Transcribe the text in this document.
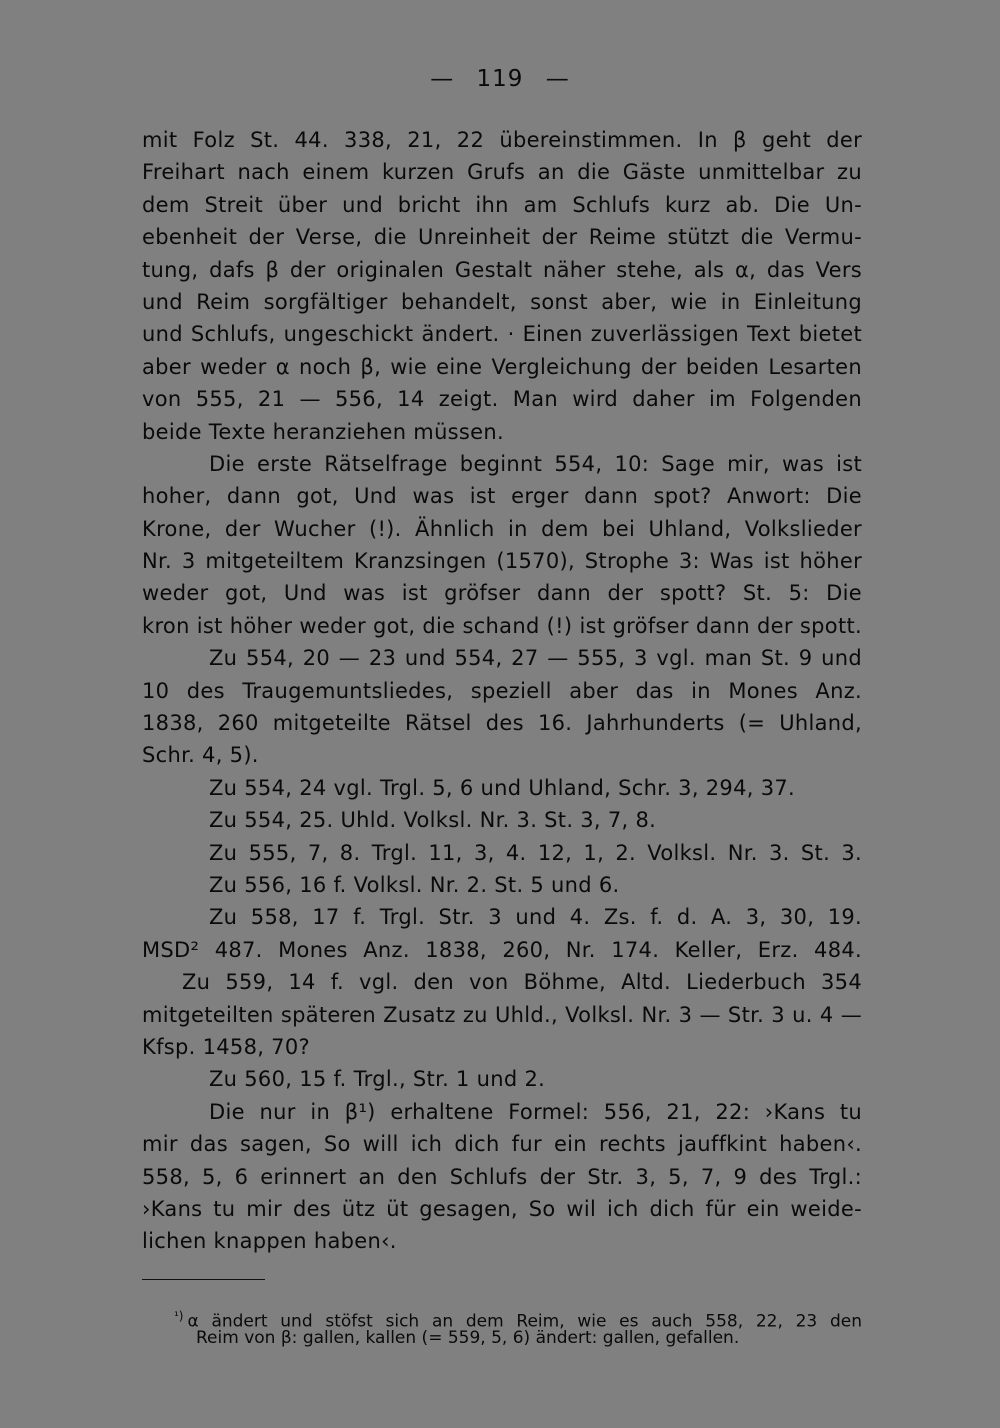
— 119 —
mit Folz St. 44. 338, 21, 22 übereinstimmen. In β geht der
Freihart nach einem kurzen Grufs an die Gäste unmittelbar zu
dem Streit über und bricht ihn am Schlufs kurz ab. Die Un-
ebenheit der Verse, die Unreinheit der Reime stützt die Vermu-
tung, dafs β der originalen Gestalt näher stehe, als α, das Vers
und Reim sorgfältiger behandelt, sonst aber, wie in Einleitung
und Schlufs, ungeschickt ändert. · Einen zuverlässigen Text bietet
aber weder α noch β, wie eine Vergleichung der beiden Lesarten
von 555, 21 — 556, 14 zeigt. Man wird daher im Folgenden
beide Texte heranziehen müssen.
Die erste Rätselfrage beginnt 554, 10: Sage mir, was ist
hoher, dann got, Und was ist erger dann spot? Anwort: Die
Krone, der Wucher (!). Ähnlich in dem bei Uhland, Volkslieder
Nr. 3 mitgeteiltem Kranzsingen (1570), Strophe 3: Was ist höher
weder got, Und was ist gröfser dann der spott? St. 5: Die
kron ist höher weder got, die schand (!) ist gröfser dann der spott.
Zu 554, 20 — 23 und 554, 27 — 555, 3 vgl. man St. 9 und
10 des Traugemuntsliedes, speziell aber das in Mones Anz.
1838, 260 mitgeteilte Rätsel des 16. Jahrhunderts (= Uhland,
Schr. 4, 5).
Zu 554, 24 vgl. Trgl. 5, 6 und Uhland, Schr. 3, 294, 37.
Zu 554, 25. Uhld. Volksl. Nr. 3. St. 3, 7, 8.
Zu 555, 7, 8. Trgl. 11, 3, 4. 12, 1, 2. Volksl. Nr. 3. St. 3.
Zu 556, 16 f. Volksl. Nr. 2. St. 5 und 6.
Zu 558, 17 f. Trgl. Str. 3 und 4. Zs. f. d. A. 3, 30, 19.
MSD² 487. Mones Anz. 1838, 260, Nr. 174. Keller, Erz. 484.
Zu 559, 14 f. vgl. den von Böhme, Altd. Liederbuch 354
mitgeteilten späteren Zusatz zu Uhld., Volksl. Nr. 3 — Str. 3 u. 4 —
Kfsp. 1458, 70?
Zu 560, 15 f. Trgl., Str. 1 und 2.
Die nur in β¹) erhaltene Formel: 556, 21, 22: ›Kans tu
mir das sagen, So will ich dich fur ein rechts jauffkint haben‹.
558, 5, 6 erinnert an den Schlufs der Str. 3, 5, 7, 9 des Trgl.:
›Kans tu mir des ütz üt gesagen, So wil ich dich für ein weide-
lichen knappen haben‹.
$^{^1)}$ α ändert und stöfst sich an dem Reim, wie es auch 558, 22, 23 den
Reim von β: gallen, kallen (= 559, 5, 6) ändert: gallen, gefallen.
